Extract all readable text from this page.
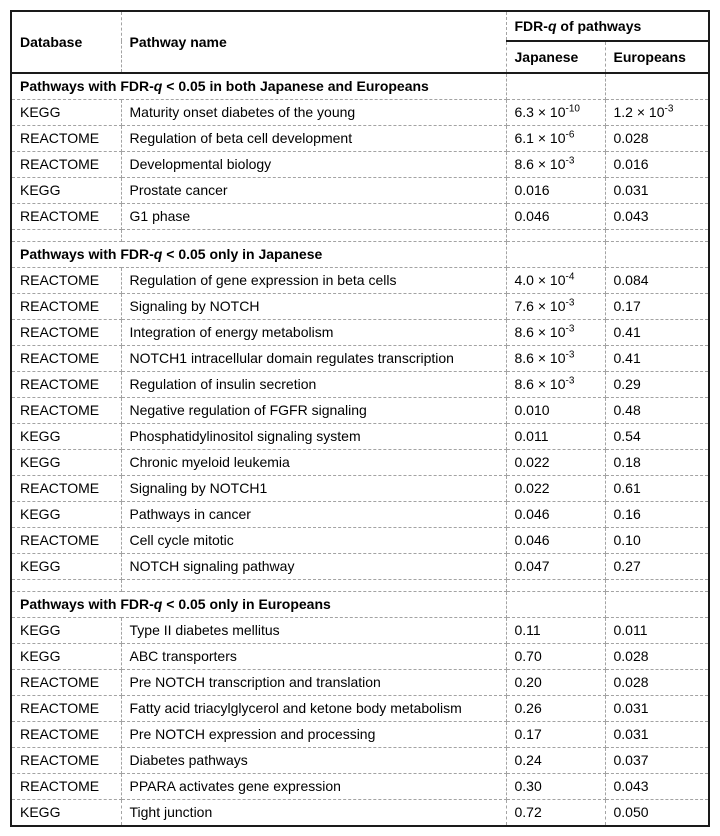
Database	Pathway name	FDR-q of pathways	
		Japanese	Europeans
Pathways with FDR-q < 0.05 in both Japanese and Europeans			
KEGG	Maturity onset diabetes of the young	$6.3 \times 10^{-10}$	$1.2 \times 10^{-3}$
REACTOME	Regulation of beta cell development	$6.1 \times 10^{-6}$	0.028
REACTOME	Developmental biology	$8.6 \times 10^{-3}$	0.016
KEGG	Prostate cancer	0.016	0.031
REACTOME	G1 phase	0.046	0.043

Pathways with FDR-q < 0.05 only in Japanese			
REACTOME	Regulation of gene expression in beta cells	$4.0 \times 10^{-4}$	0.084
REACTOME	Signaling by NOTCH	$7.6 \times 10^{-3}$	0.17
REACTOME	Integration of energy metabolism	$8.6 \times 10^{-3}$	0.41
REACTOME	NOTCH1 intracellular domain regulates transcription	$8.6 \times 10^{-3}$	0.41
REACTOME	Regulation of insulin secretion	$8.6 \times 10^{-3}$	0.29
REACTOME	Negative regulation of FGFR signaling	0.010	0.48
KEGG	Phosphatidylinositol signaling system	0.011	0.54
KEGG	Chronic myeloid leukemia	0.022	0.18
REACTOME	Signaling by NOTCH1	0.022	0.61
KEGG	Pathways in cancer	0.046	0.16
REACTOME	Cell cycle mitotic	0.046	0.10
KEGG	NOTCH signaling pathway	0.047	0.27

Pathways with FDR-q < 0.05 only in Europeans			
KEGG	Type II diabetes mellitus	0.11	0.011
KEGG	ABC transporters	0.70	0.028
REACTOME	Pre NOTCH transcription and translation	0.20	0.028
REACTOME	Fatty acid triacylglycerol and ketone body metabolism	0.26	0.031
REACTOME	Pre NOTCH expression and processing	0.17	0.031
REACTOME	Diabetes pathways	0.24	0.037
REACTOME	PPARA activates gene expression	0.30	0.043
KEGG	Tight junction	0.72	0.050
